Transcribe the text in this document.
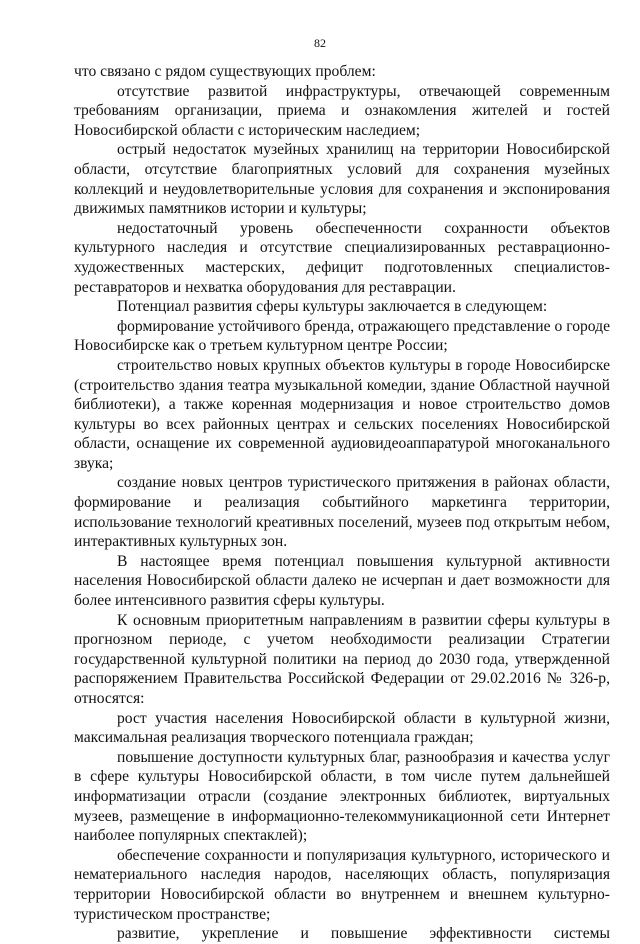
82

что связано с рядом существующих проблем:

отсутствие развитой инфраструктуры, отвечающей современным требованиям организации, приема и ознакомления жителей и гостей Новосибирской области с историческим наследием;

острый недостаток музейных хранилищ на территории Новосибирской области, отсутствие благоприятных условий для сохранения музейных коллекций и неудовлетворительные условия для сохранения и экспонирования движимых памятников истории и культуры;

недостаточный уровень обеспеченности сохранности объектов культурного наследия и отсутствие специализированных реставрационно-художественных мастерских, дефицит подготовленных специалистов-реставраторов и нехватка оборудования для реставрации.

Потенциал развития сферы культуры заключается в следующем:

формирование устойчивого бренда, отражающего представление о городе Новосибирске как о третьем культурном центре России;

строительство новых крупных объектов культуры в городе Новосибирске (строительство здания театра музыкальной комедии, здание Областной научной библиотеки), а также коренная модернизация и новое строительство домов культуры во всех районных центрах и сельских поселениях Новосибирской области, оснащение их современной аудиовидеоаппаратурой многоканального звука;

создание новых центров туристического притяжения в районах области, формирование и реализация событийного маркетинга территории, использование технологий креативных поселений, музеев под открытым небом, интерактивных культурных зон.

В настоящее время потенциал повышения культурной активности населения Новосибирской области далеко не исчерпан и дает возможности для более интенсивного развития сферы культуры.

К основным приоритетным направлениям в развитии сферы культуры в прогнозном периоде, с учетом необходимости реализации Стратегии государственной культурной политики на период до 2030 года, утвержденной распоряжением Правительства Российской Федерации от 29.02.2016 № 326-р, относятся:

рост участия населения Новосибирской области в культурной жизни, максимальная реализация творческого потенциала граждан;

повышение доступности культурных благ, разнообразия и качества услуг в сфере культуры Новосибирской области, в том числе путем дальнейшей информатизации отрасли (создание электронных библиотек, виртуальных музеев, размещение в информационно-телекоммуникационной сети Интернет наиболее популярных спектаклей);

обеспечение сохранности и популяризация культурного, исторического и нематериального наследия народов, населяющих область, популяризация территории Новосибирской области во внутреннем и внешнем культурно-туристическом пространстве;

развитие, укрепление и повышение эффективности системы
